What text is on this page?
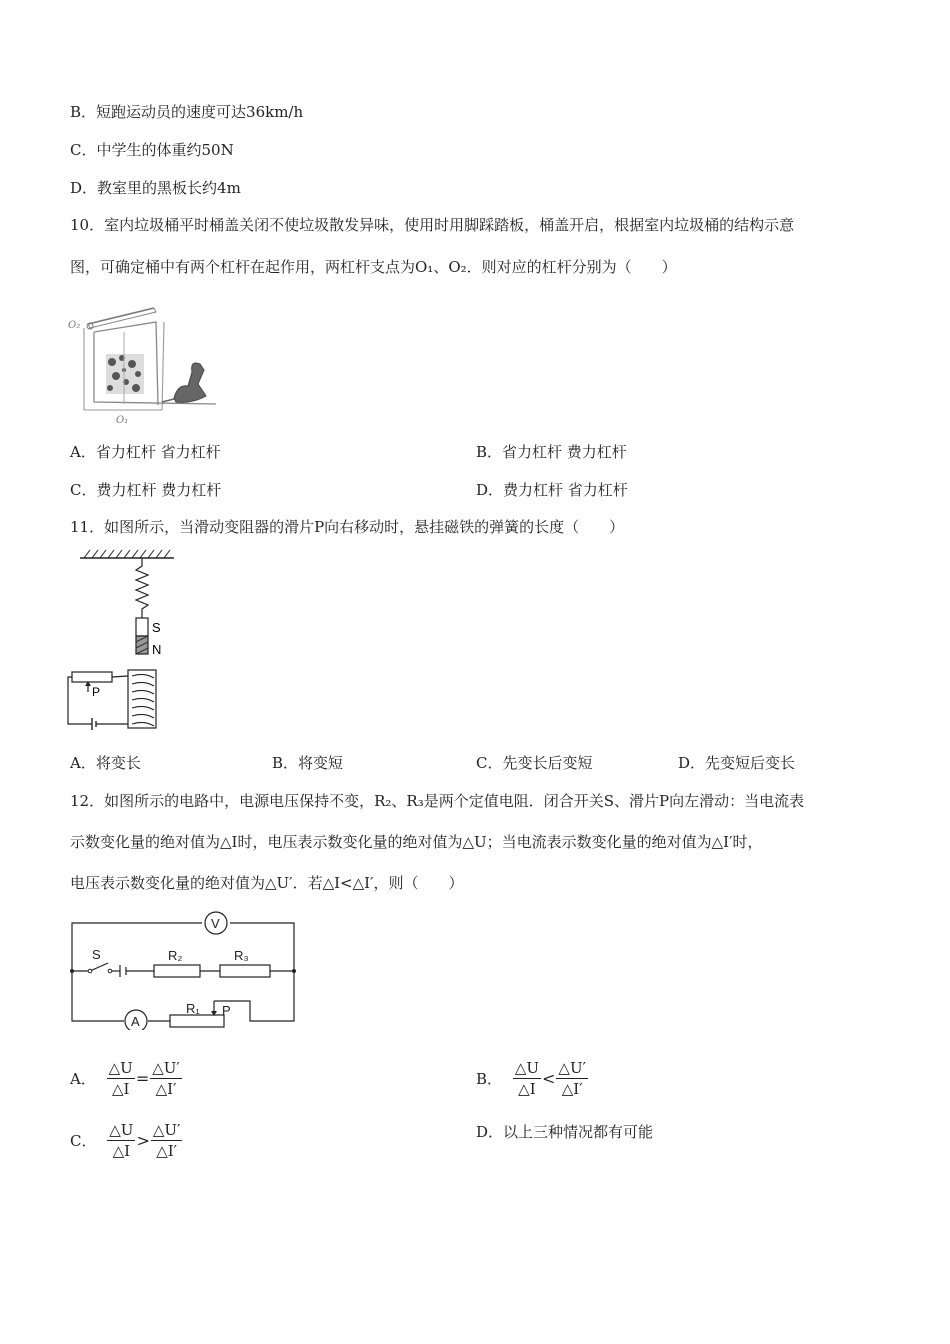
B．短跑运动员的速度可达36km/h
C．中学生的体重约50N
D．教室里的黑板长约4m
10．室内垃圾桶平时桶盖关闭不使垃圾散发异味，使用时用脚踩踏板，桶盖开启，根据室内垃圾桶的结构示意
图，可确定桶中有两个杠杆在起作用，两杠杆支点为O₁、O₂．则对应的杠杆分别为（　　）
O₂
O₁
A．省力杠杆 省力杠杆	B．省力杠杆 费力杠杆
C．费力杠杆 费力杠杆	D．费力杠杆 省力杠杆
11．如图所示，当滑动变阻器的滑片P向右移动时，悬挂磁铁的弹簧的长度（　　）
S
N
P
A．将变长	B．将变短	C．先变长后变短	D．先变短后变长
12．如图所示的电路中，电源电压保持不变，R₂、R₃是两个定值电阻．闭合开关S、滑片P向左滑动：当电流表
示数变化量的绝对值为△I时，电压表示数变化量的绝对值为△U；当电流表示数变化量的绝对值为△I′时，
电压表示数变化量的绝对值为△U′．若△I<△I′，则（　　）
V
A
S	R₂	R₃
R₁ P
A． $\frac{\triangle U}{\triangle I} = \frac{\triangle U'}{\triangle I'}$	B． $\frac{\triangle U}{\triangle I} < \frac{\triangle U'}{\triangle I'}$
C． $\frac{\triangle U}{\triangle I} > \frac{\triangle U'}{\triangle I'}$	D．以上三种情况都有可能
